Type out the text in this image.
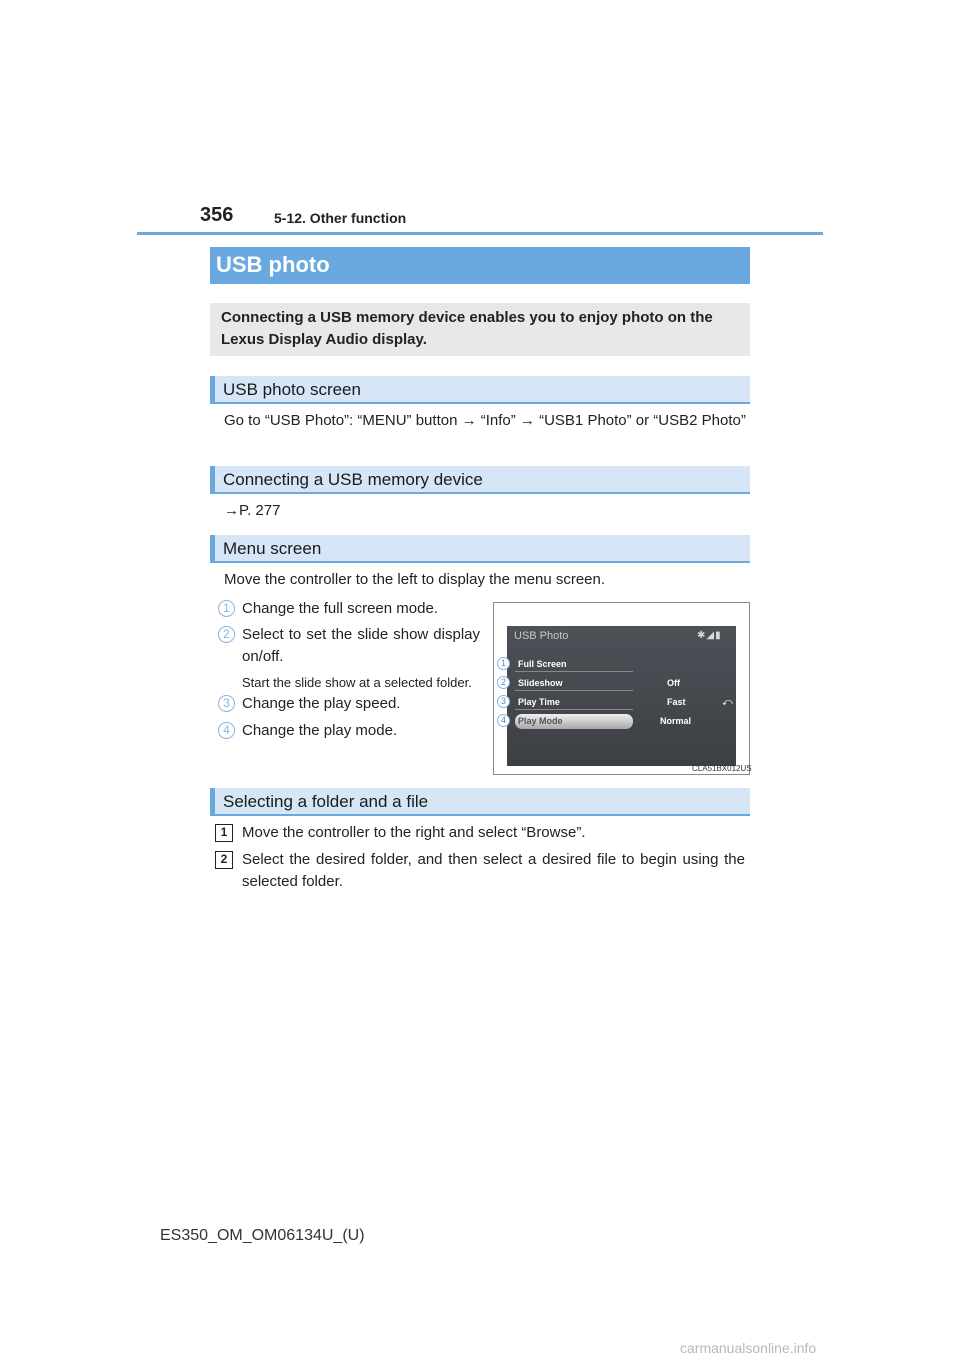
356	5-12. Other function
USB photo

Connecting a USB memory device enables you to enjoy photo on the Lexus Display Audio display.

USB photo screen

Go to “USB Photo”: “MENU” button → “Info” → “USB1 Photo” or “USB2 Photo”

Connecting a USB memory device

→P. 277

Menu screen

Move the controller to the left to display the menu screen.

1 Change the full screen mode.

2 Select to set the slide show display on/off.

Start the slide show at a selected folder.

3 Change the play speed.

4 Change the play mode.

USB Photo	✱◢▮
Full Screen
Slideshow	Off
Play Time	Fast
Play Mode	Normal
⤺
1
2
3
4
CLA51BX012US
Selecting a folder and a file
1 Move the controller to the right and select “Browse”.

2 Select the desired folder, and then select a desired file to begin using the selected folder.

ES350_OM_OM06134U_(U)
carmanualsonline.info
